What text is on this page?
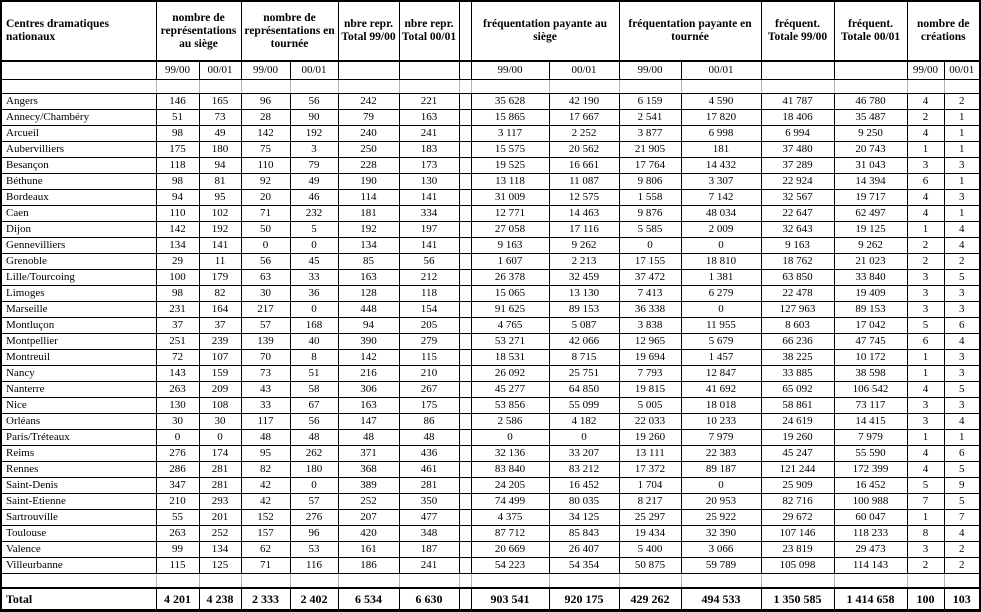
Centres dramatiques nationaux	nombre de représentations au siège		nombre de représentations en tournée		nbre repr. Total 99/00	nbre repr. Total 00/01		fréquentation payante au siège		fréquentation payante en tournée		fréquent. Totale 99/00	fréquent. Totale 00/01	nombre de créations	
	99/00	00/01	99/00	00/01				99/00	00/01	99/00	00/01			99/00	00/01

Angers	146	165	96	56	242	221		35 628	42 190	6 159	4 590	41 787	46 780	4	2
Annecy/Chambéry	51	73	28	90	79	163		15 865	17 667	2 541	17 820	18 406	35 487	2	1
Arcueil	98	49	142	192	240	241		3 117	2 252	3 877	6 998	6 994	9 250	4	1
Aubervilliers	175	180	75	3	250	183		15 575	20 562	21 905	181	37 480	20 743	1	1
Besançon	118	94	110	79	228	173		19 525	16 661	17 764	14 432	37 289	31 043	3	3
Béthune	98	81	92	49	190	130		13 118	11 087	9 806	3 307	22 924	14 394	6	1
Bordeaux	94	95	20	46	114	141		31 009	12 575	1 558	7 142	32 567	19 717	4	3
Caen	110	102	71	232	181	334		12 771	14 463	9 876	48 034	22 647	62 497	4	1
Dijon	142	192	50	5	192	197		27 058	17 116	5 585	2 009	32 643	19 125	1	4
Gennevilliers	134	141	0	0	134	141		9 163	9 262	0	0	9 163	9 262	2	4
Grenoble	29	11	56	45	85	56		1 607	2 213	17 155	18 810	18 762	21 023	2	2
Lille/Tourcoing	100	179	63	33	163	212		26 378	32 459	37 472	1 381	63 850	33 840	3	5
Limoges	98	82	30	36	128	118		15 065	13 130	7 413	6 279	22 478	19 409	3	3
Marseille	231	164	217	0	448	154		91 625	89 153	36 338	0	127 963	89 153	3	3
Montluçon	37	37	57	168	94	205		4 765	5 087	3 838	11 955	8 603	17 042	5	6
Montpellier	251	239	139	40	390	279		53 271	42 066	12 965	5 679	66 236	47 745	6	4
Montreuil	72	107	70	8	142	115		18 531	8 715	19 694	1 457	38 225	10 172	1	3
Nancy	143	159	73	51	216	210		26 092	25 751	7 793	12 847	33 885	38 598	1	3
Nanterre	263	209	43	58	306	267		45 277	64 850	19 815	41 692	65 092	106 542	4	5
Nice	130	108	33	67	163	175		53 856	55 099	5 005	18 018	58 861	73 117	3	3
Orléans	30	30	117	56	147	86		2 586	4 182	22 033	10 233	24 619	14 415	3	4
Paris/Tréteaux	0	0	48	48	48	48		0	0	19 260	7 979	19 260	7 979	1	1
Reims	276	174	95	262	371	436		32 136	33 207	13 111	22 383	45 247	55 590	4	6
Rennes	286	281	82	180	368	461		83 840	83 212	17 372	89 187	121 244	172 399	4	5
Saint-Denis	347	281	42	0	389	281		24 205	16 452	1 704	0	25 909	16 452	5	9
Saint-Etienne	210	293	42	57	252	350		74 499	80 035	8 217	20 953	82 716	100 988	7	5
Sartrouville	55	201	152	276	207	477		4 375	34 125	25 297	25 922	29 672	60 047	1	7
Toulouse	263	252	157	96	420	348		87 712	85 843	19 434	32 390	107 146	118 233	8	4
Valence	99	134	62	53	161	187		20 669	26 407	5 400	3 066	23 819	29 473	3	2
Villeurbanne	115	125	71	116	186	241		54 223	54 354	50 875	59 789	105 098	114 143	2	2

Total	4 201	4 238	2 333	2 402	6 534	6 630		903 541	920 175	429 262	494 533	1 350 585	1 414 658	100	103
